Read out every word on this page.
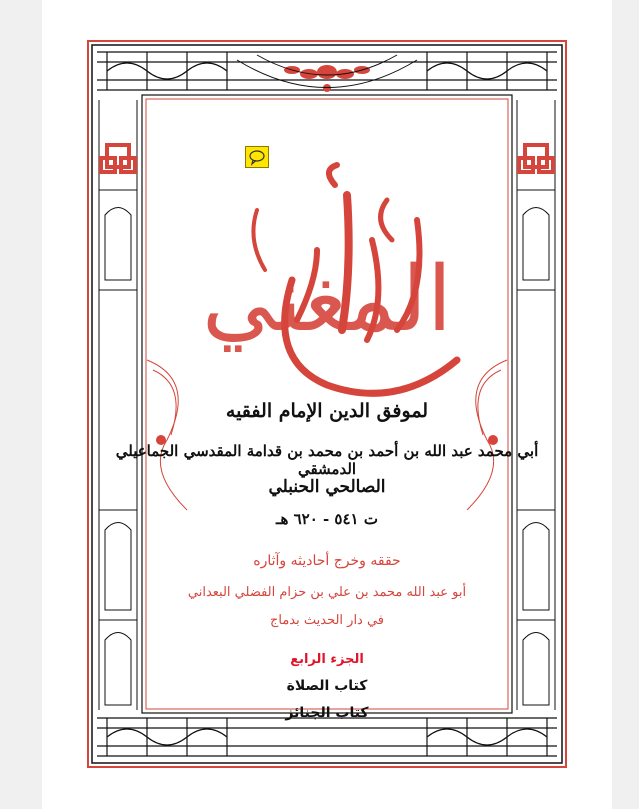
المغني
لموفق الدين الإمام الفقيه
أبي محمد عبد الله بن أحمد بن محمد بن قدامة المقدسي الجماعيلي الدمشقي
الصالحي الحنبلي
ت ٥٤١ - ٦٢٠ هـ
حققه وخرج أحاديثه وآثاره
أبو عبد الله محمد بن علي بن حزام الفضلي البعداني
في دار الحديث بدماج
الجزء الرابع
كتاب الصلاة
كتاب الجنائز
